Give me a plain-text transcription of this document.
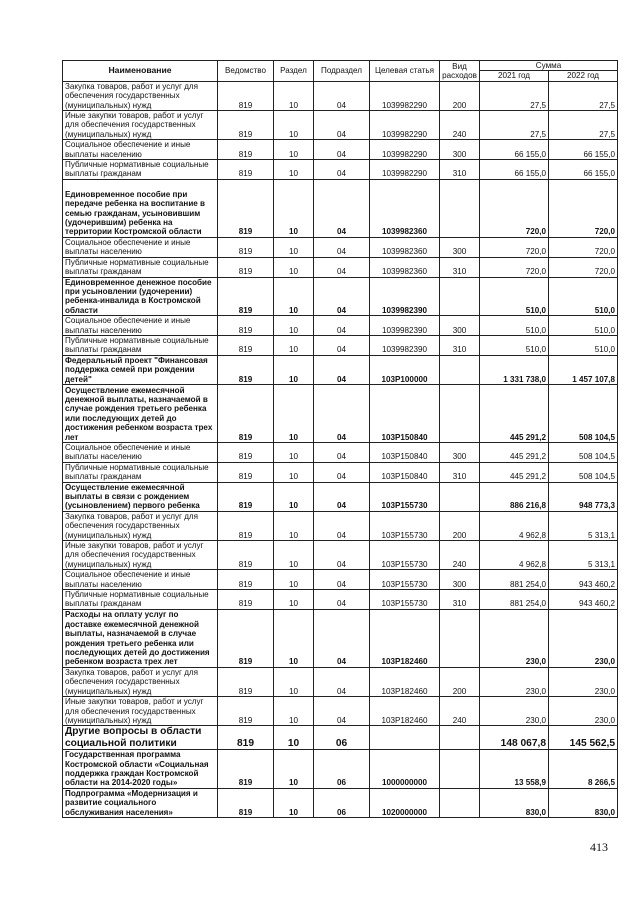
Наименование	Ведомство	Раздел	Подраздел	Целевая статья	Вид расходов	Сумма	
						2021 год	2022 год
Закупка товаров, работ и услуг для обеспечения государственных (муниципальных) нужд	819	10	04	1039982290	200	27,5	27,5
Иные закупки товаров, работ и услуг для обеспечения государственных (муниципальных) нужд	819	10	04	1039982290	240	27,5	27,5
Социальное обеспечение и иные выплаты населению	819	10	04	1039982290	300	66 155,0	66 155,0
Публичные нормативные социальные выплаты гражданам	819	10	04	1039982290	310	66 155,0	66 155,0
Единовременное пособие при передаче ребенка на воспитание в семью гражданам, усыновившим (удочерившим) ребенка на территории Костромской области	819	10	04	1039982360		720,0	720,0
Социальное обеспечение и иные выплаты населению	819	10	04	1039982360	300	720,0	720,0
Публичные нормативные социальные выплаты гражданам	819	10	04	1039982360	310	720,0	720,0
Единовременное денежное пособие при усыновлении (удочерении) ребенка-инвалида в Костромской области	819	10	04	1039982390		510,0	510,0
Социальное обеспечение и иные выплаты населению	819	10	04	1039982390	300	510,0	510,0
Публичные нормативные социальные выплаты гражданам	819	10	04	1039982390	310	510,0	510,0
Федеральный проект "Финансовая поддержка семей при рождении детей"	819	10	04	103P100000		1 331 738,0	1 457 107,8
Осуществление ежемесячной денежной выплаты, назначаемой в случае рождения третьего ребенка или последующих детей до достижения ребенком возраста трех лет	819	10	04	103P150840		445 291,2	508 104,5
Социальное обеспечение и иные выплаты населению	819	10	04	103P150840	300	445 291,2	508 104,5
Публичные нормативные социальные выплаты гражданам	819	10	04	103P150840	310	445 291,2	508 104,5
Осуществление ежемесячной выплаты в связи с рождением (усыновлением) первого ребенка	819	10	04	103P155730		886 216,8	948 773,3
Закупка товаров, работ и услуг для обеспечения государственных (муниципальных) нужд	819	10	04	103P155730	200	4 962,8	5 313,1
Иные закупки товаров, работ и услуг для обеспечения государственных (муниципальных) нужд	819	10	04	103P155730	240	4 962,8	5 313,1
Социальное обеспечение и иные выплаты населению	819	10	04	103P155730	300	881 254,0	943 460,2
Публичные нормативные социальные выплаты гражданам	819	10	04	103P155730	310	881 254,0	943 460,2
Расходы на оплату услуг по доставке ежемесячной денежной выплаты, назначаемой в случае рождения третьего ребенка или последующих детей до достижения ребенком возраста трех лет	819	10	04	103P182460		230,0	230,0
Закупка товаров, работ и услуг для обеспечения государственных (муниципальных) нужд	819	10	04	103P182460	200	230,0	230,0
Иные закупки товаров, работ и услуг для обеспечения государственных (муниципальных) нужд	819	10	04	103P182460	240	230,0	230,0
Другие вопросы в области социальной политики	819	10	06			148 067,8	145 562,5
Государственная программа Костромской области «Социальная поддержка граждан Костромской области на 2014-2020 годы»	819	10	06	1000000000		13 558,9	8 266,5
Подпрограмма «Модернизация и развитие социального обслуживания населения»	819	10	06	1020000000		830,0	830,0
413
